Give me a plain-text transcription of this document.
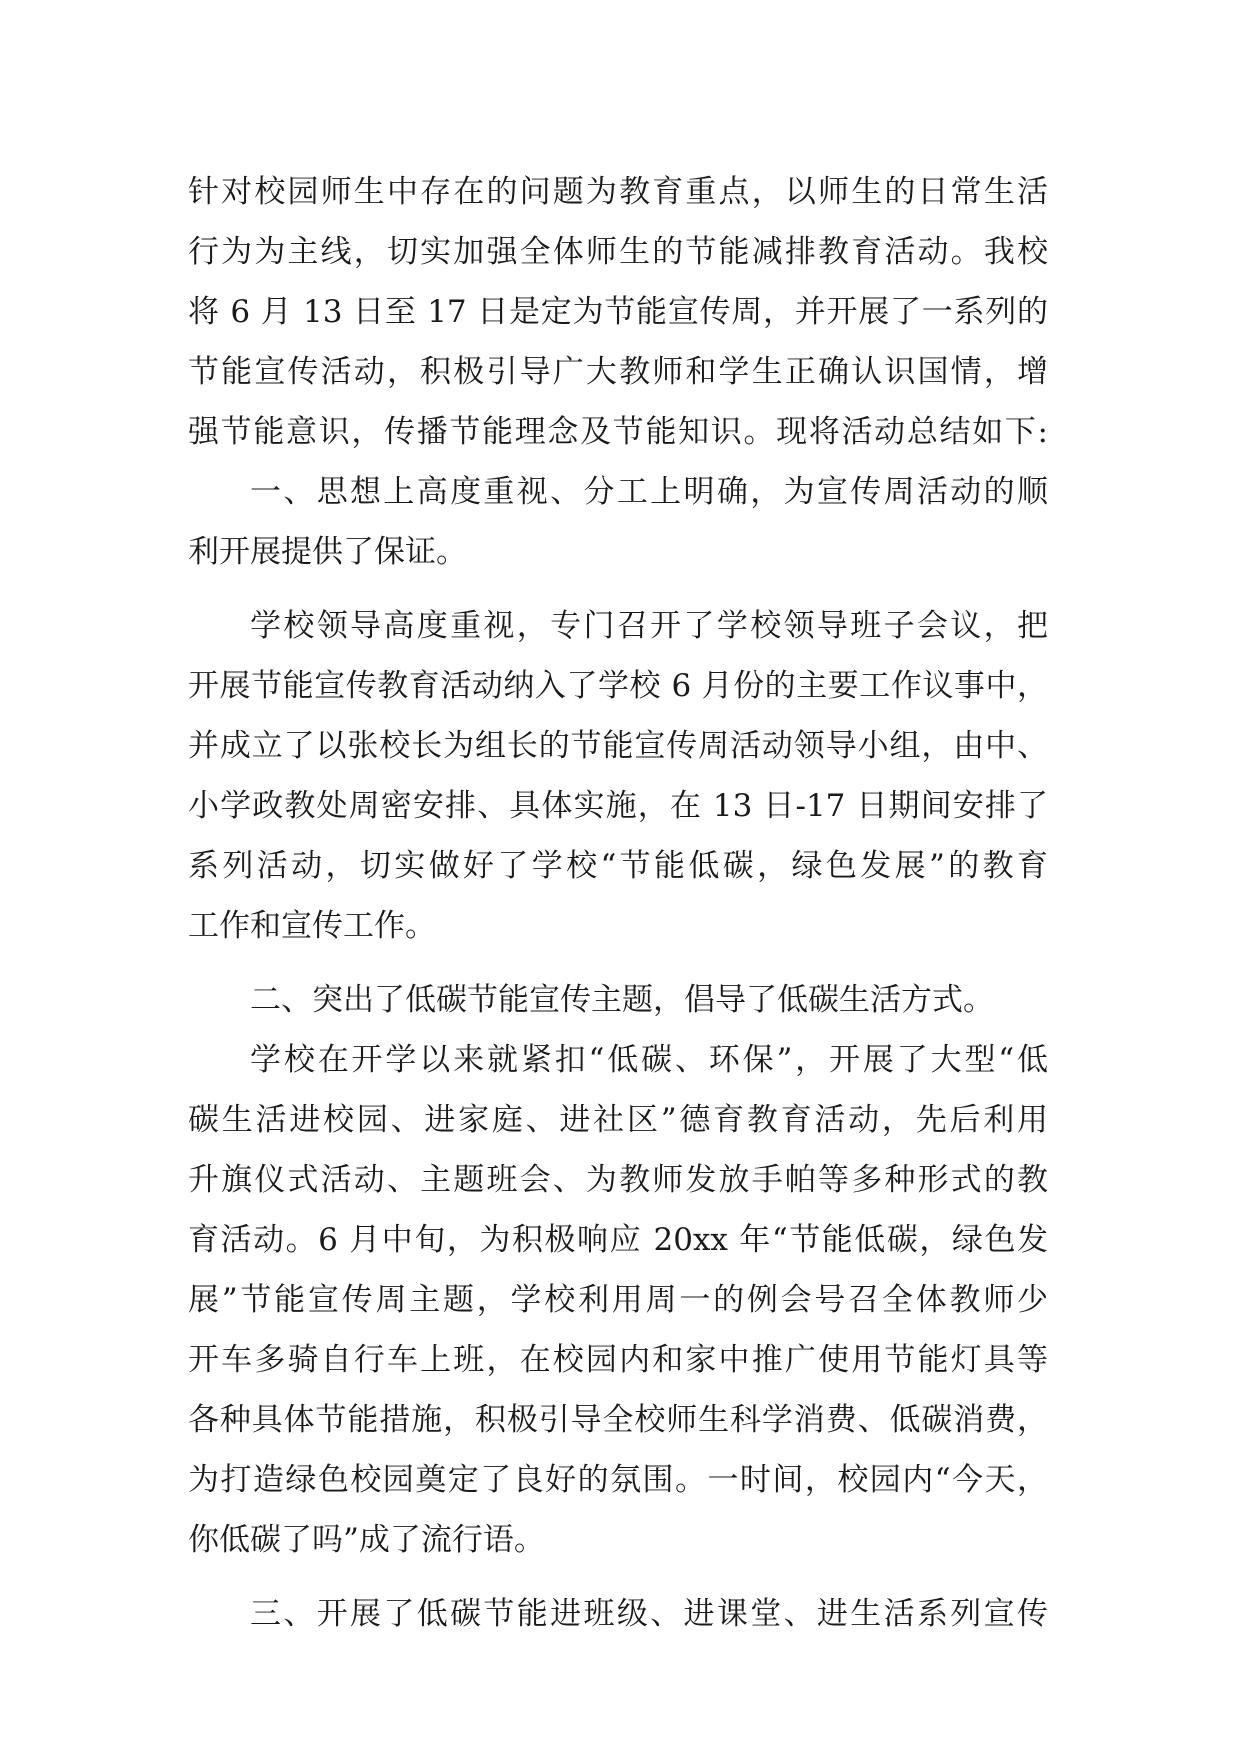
针对校园师生中存在的问题为教育重点，以师生的日常生活
行为为主线，切实加强全体师生的节能减排教育活动。我校
将 6 月 13 日至 17 日是定为节能宣传周，并开展了一系列的
节能宣传活动，积极引导广大教师和学生正确认识国情，增
强节能意识，传播节能理念及节能知识。现将活动总结如下:
一、思想上高度重视、分工上明确，为宣传周活动的顺
利开展提供了保证。
学校领导高度重视，专门召开了学校领导班子会议，把
开展节能宣传教育活动纳入了学校 6 月份的主要工作议事中，
并成立了以张校长为组长的节能宣传周活动领导小组，由中、
小学政教处周密安排、具体实施，在 13 日-17 日期间安排了
系列活动，切实做好了学校“节能低碳，绿色发展”的教育
工作和宣传工作。
二、突出了低碳节能宣传主题，倡导了低碳生活方式。
学校在开学以来就紧扣“低碳、环保”，开展了大型“低
碳生活进校园、进家庭、进社区”德育教育活动，先后利用
升旗仪式活动、主题班会、为教师发放手帕等多种形式的教
育活动。6 月中旬，为积极响应 20xx 年“节能低碳，绿色发
展”节能宣传周主题，学校利用周一的例会号召全体教师少
开车多骑自行车上班，在校园内和家中推广使用节能灯具等
各种具体节能措施，积极引导全校师生科学消费、低碳消费，
为打造绿色校园奠定了良好的氛围。一时间，校园内“今天，
你低碳了吗”成了流行语。
三、开展了低碳节能进班级、进课堂、进生活系列宣传
